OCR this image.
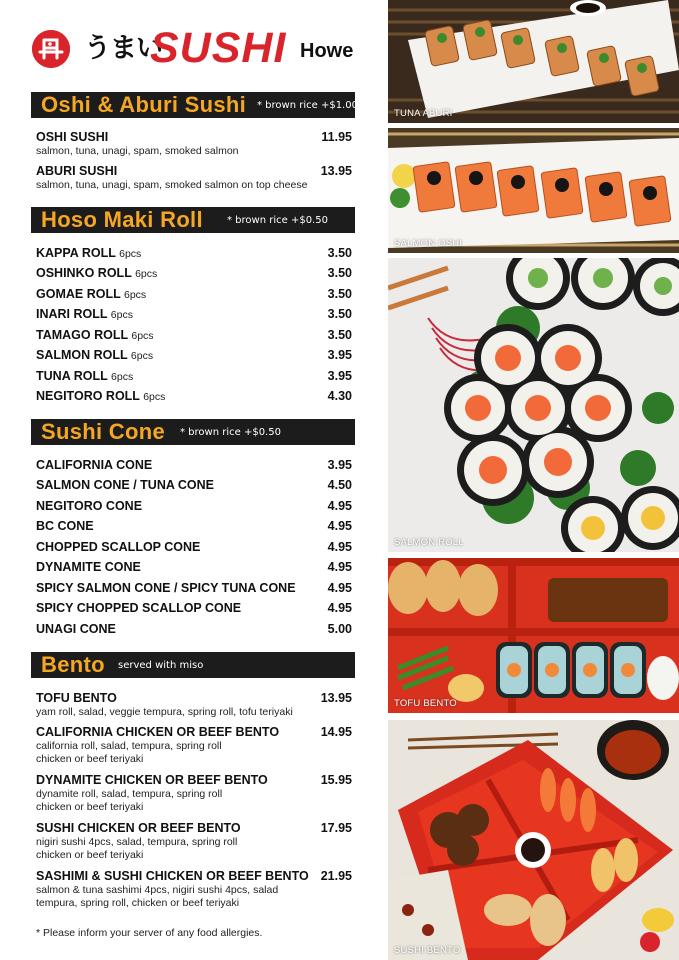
うまい
SUSHI Howe
Oshi & Aburi Sushi * brown rice +$1.00
OSHI SUSHI	11.95
salmon, tuna, unagi, spam, smoked salmon
ABURI SUSHI	13.95
salmon, tuna, unagi, spam, smoked salmon on top cheese
Hoso Maki Roll * brown rice +$0.50
KAPPA ROLL 6pcs	3.50
OSHINKO ROLL 6pcs	3.50
GOMAE ROLL 6pcs	3.50
INARI ROLL 6pcs	3.50
TAMAGO ROLL 6pcs	3.50
SALMON ROLL 6pcs	3.95
TUNA ROLL 6pcs	3.95
NEGITORO ROLL 6pcs	4.30
Sushi Cone * brown rice +$0.50
CALIFORNIA CONE	3.95
SALMON CONE / TUNA CONE	4.50
NEGITORO CONE	4.95
BC CONE	4.95
CHOPPED SCALLOP CONE	4.95
DYNAMITE CONE	4.95
SPICY SALMON CONE / SPICY TUNA CONE	4.95
SPICY CHOPPED SCALLOP CONE	4.95
UNAGI CONE	5.00
Bento served with miso
TOFU BENTO	13.95
yam roll, salad, veggie tempura, spring roll, tofu teriyaki
CALIFORNIA CHICKEN OR BEEF BENTO	14.95
california roll, salad, tempura, spring roll
chicken or beef teriyaki
DYNAMITE CHICKEN OR BEEF BENTO	15.95
dynamite roll, salad, tempura, spring roll
chicken or beef teriyaki
SUSHI CHICKEN OR BEEF BENTO	17.95
nigiri sushi 4pcs, salad, tempura, spring roll
chicken or beef teriyaki
SASHIMI & SUSHI CHICKEN OR BEEF BENTO 21.95
salmon & tuna sashimi 4pcs, nigiri sushi 4pcs, salad
tempura, spring roll, chicken or beef teriyaki
* Please inform your server of any food allergies.
TUNA ABURI
SALMON OSHI
SALMON ROLL
TOFU BENTO
SUSHI BENTO
